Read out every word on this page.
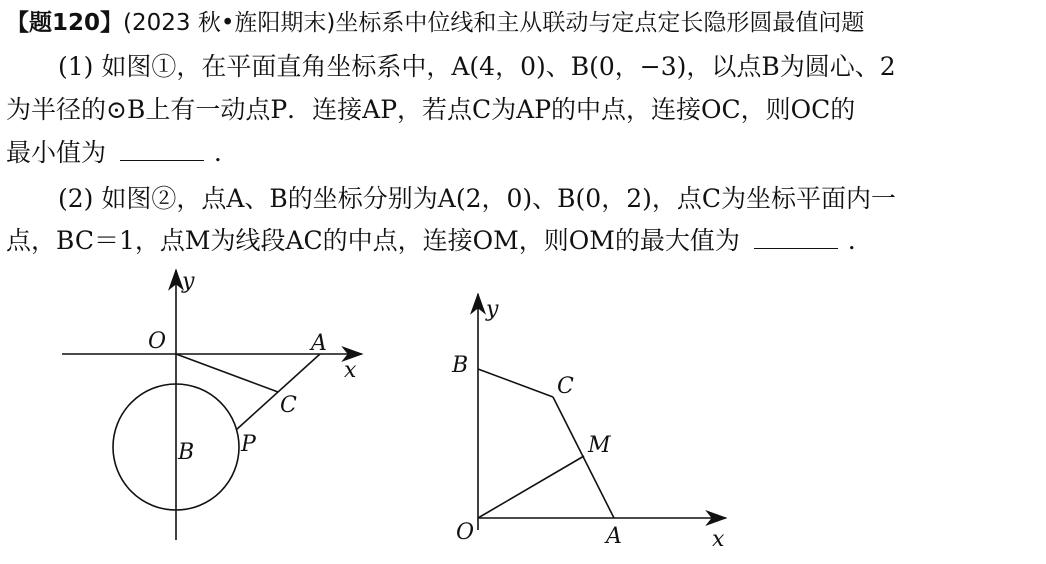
【题120】(2023 秋•旌阳期末)坐标系中位线和主从联动与定点定长隐形圆最值问题
(1) 如图①，在平面直角坐标系中，A(4，0)、B(0，−3)，以点B为圆心、2
为半径的⊙B上有一动点P．连接AP，若点C为AP的中点，连接OC，则OC的
最小值为	．
(2) 如图②，点A、B的坐标分别为A(2，0)、B(0，2)，点C为坐标平面内一
点，BC＝1，点M为线段AC的中点，连接OM，则OM的最大值为	．
y
x
O	A
C
B P
y
x
O	A
B
C
M
